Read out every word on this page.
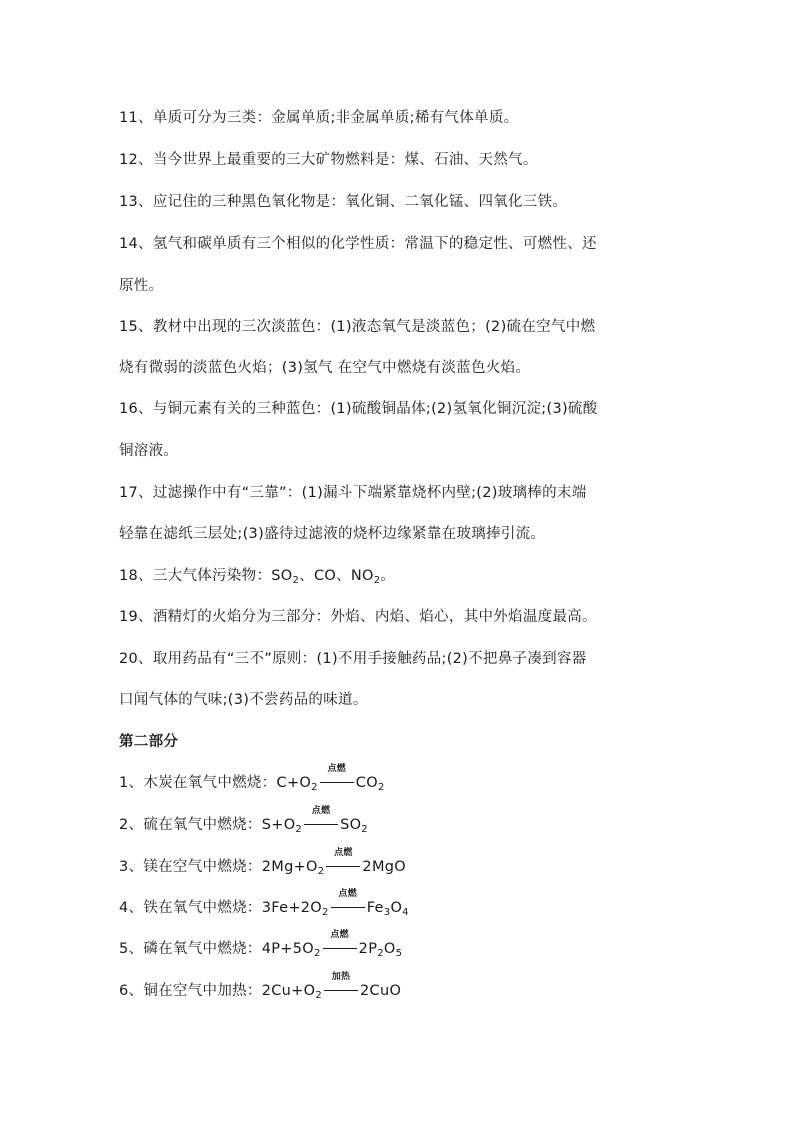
11、单质可分为三类：金属单质;非金属单质;稀有气体单质。
12、当今世界上最重要的三大矿物燃料是：煤、石油、天然气。
13、应记住的三种黑色氧化物是：氧化铜、二氧化锰、四氧化三铁。
14、氢气和碳单质有三个相似的化学性质：常温下的稳定性、可燃性、还
原性。
15、教材中出现的三次淡蓝色：(1)液态氧气是淡蓝色；(2)硫在空气中燃
烧有微弱的淡蓝色火焰；(3)氢气 在空气中燃烧有淡蓝色火焰。
16、与铜元素有关的三种蓝色：(1)硫酸铜晶体;(2)氢氧化铜沉淀;(3)硫酸
铜溶液。
17、过滤操作中有“三靠”：(1)漏斗下端紧靠烧杯内壁;(2)玻璃棒的末端
轻靠在滤纸三层处;(3)盛待过滤液的烧杯边缘紧靠在玻璃捧引流。
18、三大气体污染物：$SO_2$、CO、$NO_2$。
19、酒精灯的火焰分为三部分：外焰、内焰、焰心，其中外焰温度最高。
20、取用药品有“三不”原则：(1)不用手接触药品;(2)不把鼻子凑到容器
口闻气体的气味;(3)不尝药品的味道。
第二部分
1、木炭在氧气中燃烧：$C+O_2$
点燃
$CO_2$
2、硫在氧气中燃烧：$S+O_2$
点燃
$SO_2$
3、镁在空气中燃烧：$2Mg+O_2$
点燃
2MgO
4、铁在氧气中燃烧：$3Fe+2O_2$
点燃
$Fe_3O_4$
5、磷在氧气中燃烧：$4P+5O_2$
点燃
$2P_2O_5$
6、铜在空气中加热：$2Cu+O_2$
加热
2CuO
